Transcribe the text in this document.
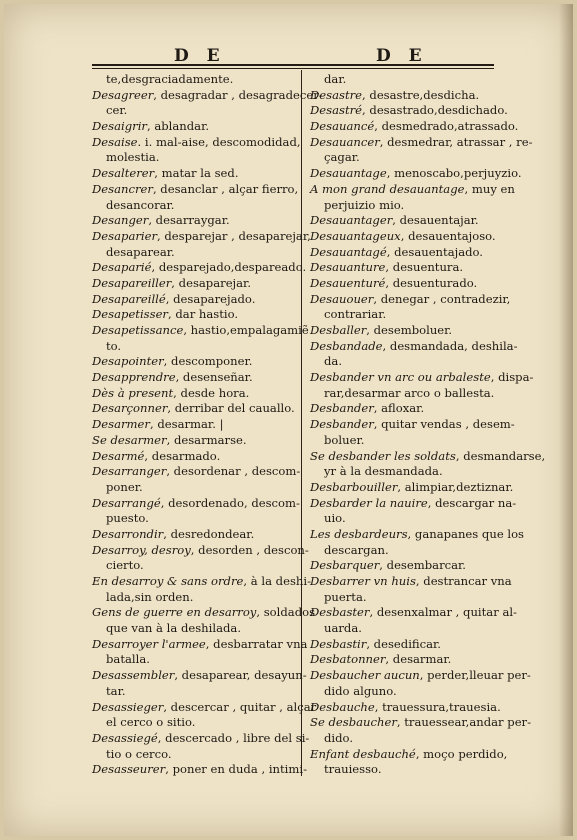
D E	D E
te,desgraciadamente.
Desagreer, desagradar , desagradecer-
cer.
Desaigrir, ablandar.
Desaise. i. mal-aise, descomodidad,
molestia.
Desalterer, matar la sed.
Desancrer, desanclar , alçar fierro,
desancorar.
Desanger, desarraygar.
Desaparier, desparejar , desaparejar,
desaparear.
Desaparié, desparejado,despareado.
Desapareiller, desaparejar.
Desapareillé, desaparejado.
Desapetisser, dar hastio.
Desapetissance, hastio,empalagamiẽ
to.
Desapointer, descomponer.
Desapprendre, desenseñar.
Dès à present, desde hora.
Desarçonner, derribar del cauallo.
Desarmer, desarmar. |
Se desarmer, desarmarse.
Desarmé, desarmado.
Desarranger, desordenar , descom-
poner.
Desarrangé, desordenado, descom-
puesto.
Desarrondir, desredondear.
Desarroy, desroy, desorden , descon-
cierto.
En desarroy & sans ordre, à la deshi-
lada,sin orden.
Gens de guerre en desarroy, soldados
que van à la deshilada.
Desarroyer l'armee, desbarratar vna
batalla.
Desassembler, desaparear, desayun-
tar.
Desassieger, descercar , quitar , alçar
el cerco o sitio.
Desassiegé, descercado , libre del si-
tio o cerco.
Desasseurer, poner en duda , intimi-
dar.
Desastre, desastre,desdicha.
Desastré, desastrado,desdichado.
Desauancé, desmedrado,atrassado.
Desauancer, desmedrar, atrassar , re-
çagar.
Desauantage, menoscabo,perjuyzio.
A mon grand desauantage, muy en
perjuizio mio.
Desauantager, desauentajar.
Desauantageux, desauentajoso.
Desauantagé, desauentajado.
Desauanture, desuentura.
Desauenturé, desuenturado.
Desauouer, denegar , contradezir,
contrariar.
Desballer, desemboluer.
Desbandade, desmandada, deshila-
da.
Desbander vn arc ou arbaleste, dispa-
rar,desarmar arco o ballesta.
Desbander, afloxar.
Desbander, quitar vendas , desem-
boluer.
Se desbander les soldats, desmandarse,
yr à la desmandada.
Desbarbouiller, alimpiar,deztiznar.
Desbarder la nauire, descargar na-
uio.
Les desbardeurs, ganapanes que los
descargan.
Desbarquer, desembarcar.
Desbarrer vn huis, destrancar vna
puerta.
Desbaster, desenxalmar , quitar al-
uarda.
Desbastir, desedificar.
Desbatonner, desarmar.
Desbaucher aucun, perder,lleuar per-
dido alguno.
Desbauche, trauessura,trauesia.
Se desbaucher, trauessear,andar per-
dido.
Enfant desbauché, moço perdido,
trauiesso.
